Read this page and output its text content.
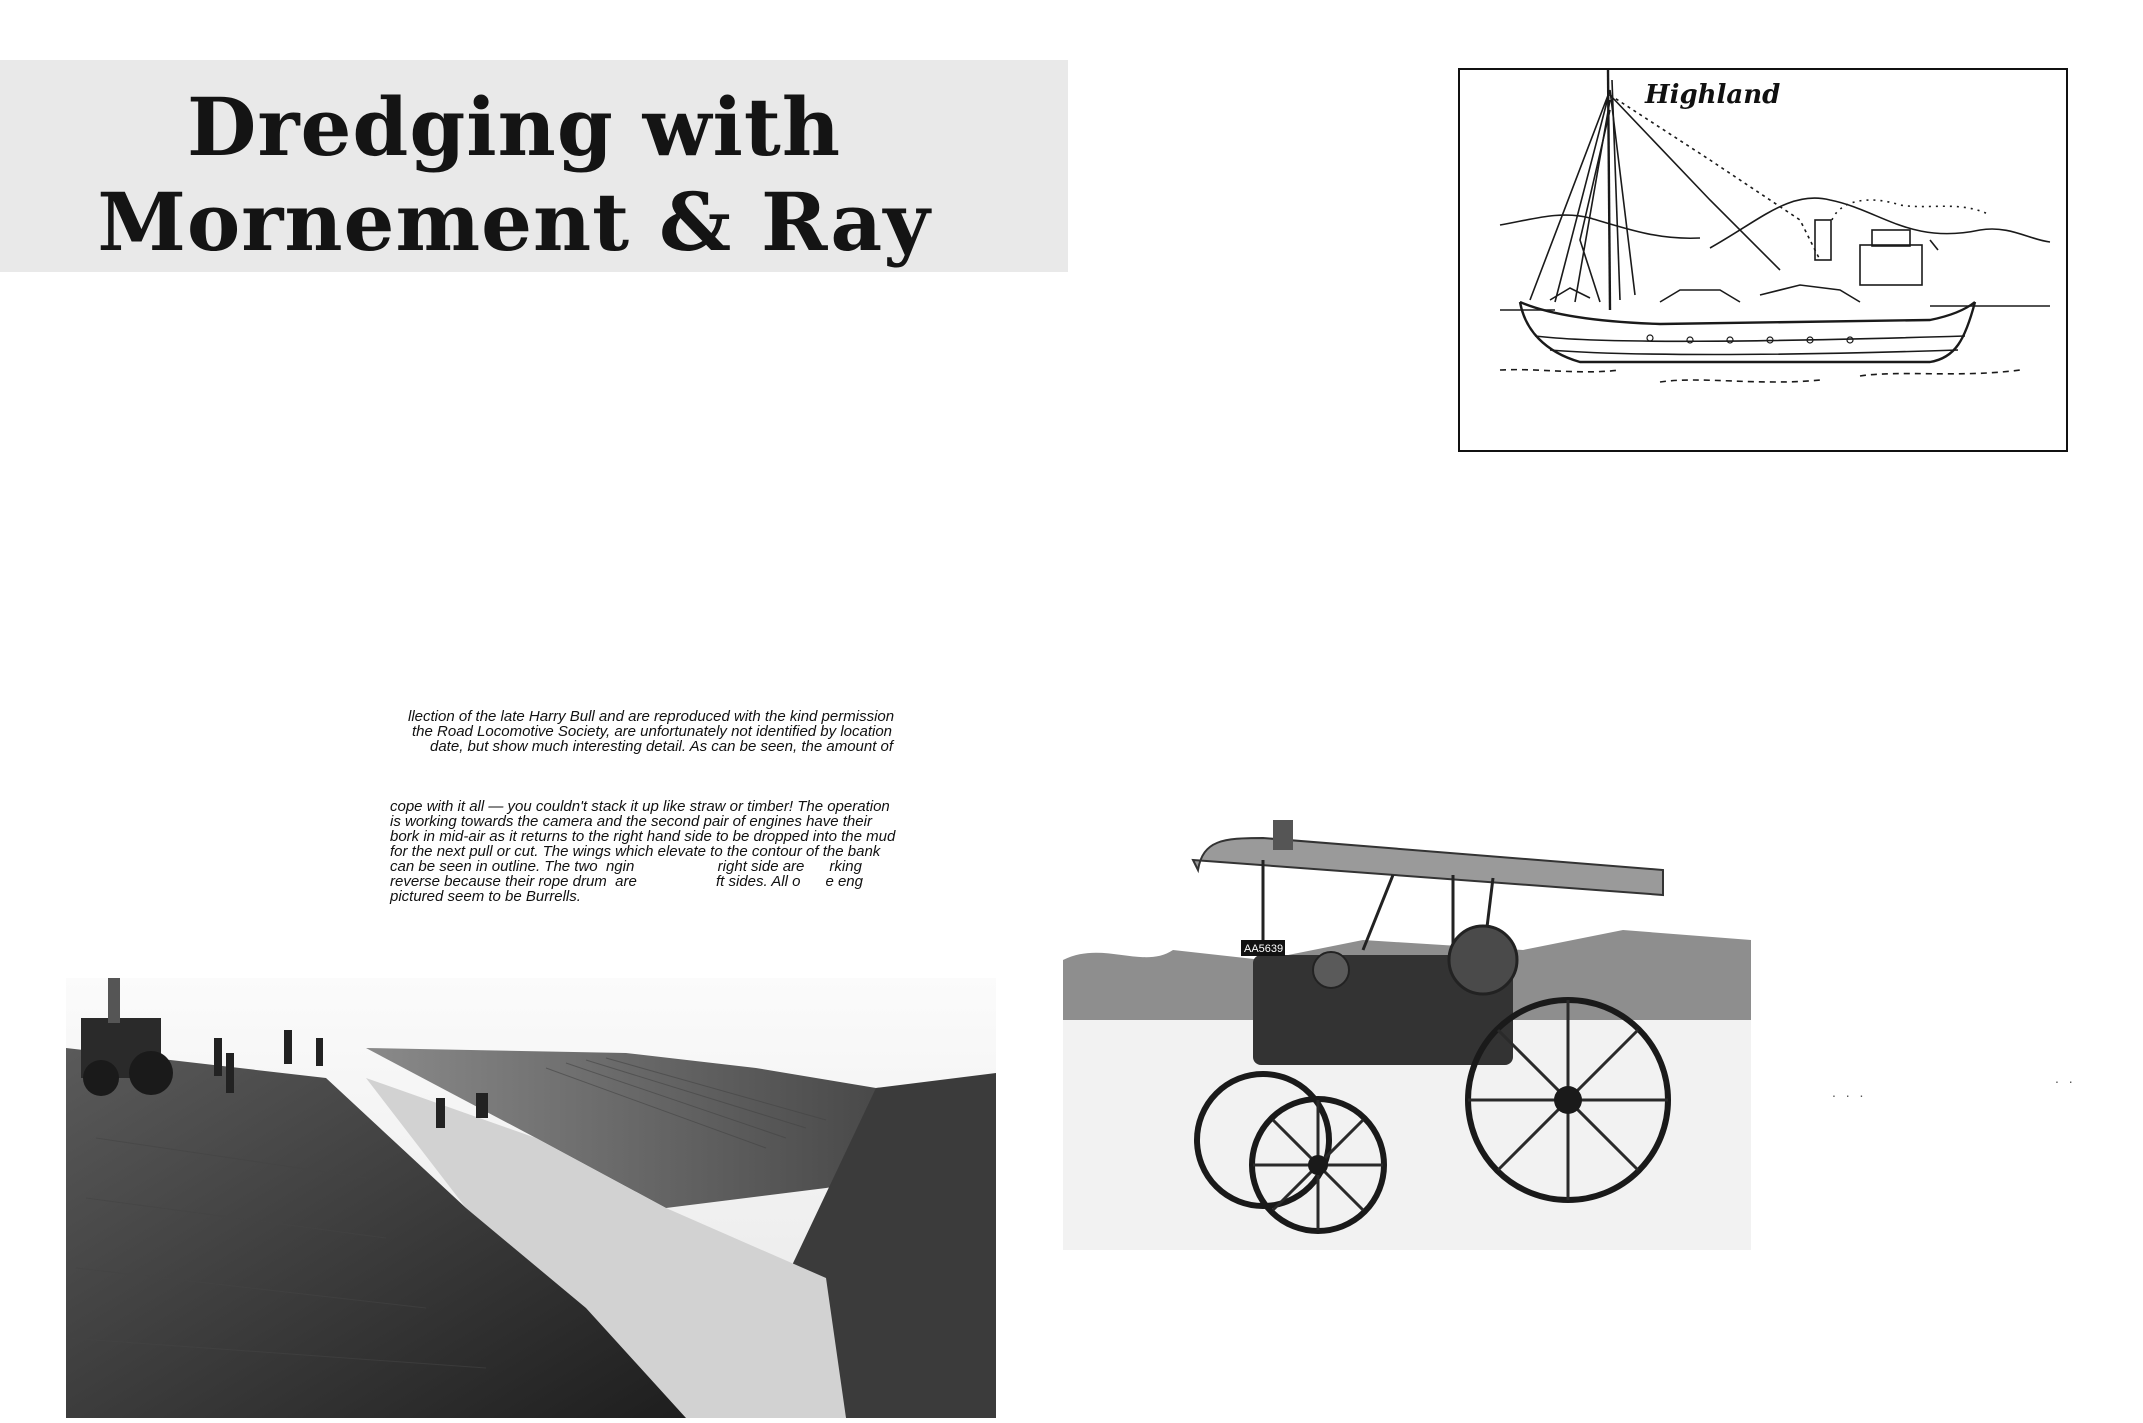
Dredging with
Mornement & Ray
llection of the late Harry Bull and are reproduced with the kind permission
the Road Locomotive Society, are unfortunately not identified by location
date, but show much interesting detail. As can be seen, the amount of
cope with it all — you couldn't stack it up like straw or timber! The operation
is working towards the camera and the second pair of engines have their
bork in mid-air as it returns to the right hand side to be dropped into the mud
for the next pull or cut. The wings which elevate to the contour of the bank
can be seen in outline. The two  ngin                    right side are      rking
reverse because their rope drum  are                   ft sides. All o      e eng
pictured seem to be Burrells.
Highland
AA5639
. . .
. .
